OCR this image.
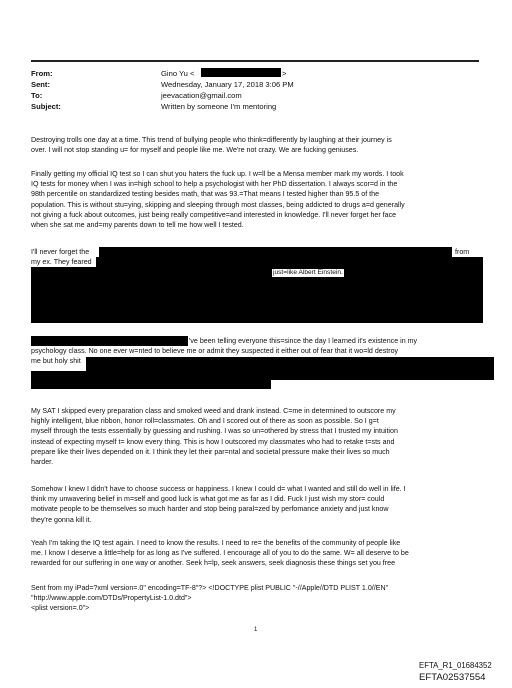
From:	Gino Yu <	>
Sent:	Wednesday, January 17, 2018 3:06 PM
To:	jeevacation@gmail.com
Subject:	Written by someone I'm mentoring
Destroying trolls one day at a time. This trend of bullying people who think=differently by laughing at their journey is
over. I will not stop standing u= for myself and people like me. We're not crazy. We are fucking geniuses.
Finally getting my official IQ test so I can shut you haters the fuck up. I w=ll be a Mensa member mark my words. I took
IQ tests for money when I was in=high school to help a psychologist with her PhD dissertation. I always scor=d in the
98th percentile on standardized testing besides math, that was 93.=That means I tested higher than 95.5 of the
population. This is without stu=ying, skipping and sleeping through most classes, being addicted to drugs a=d generally
not giving a fuck about outcomes, just being really competitive=and interested in knowledge. I'll never forget her face
when she sat me and=my parents down to tell me how well I tested.
I'll never forget the
my ex. They feared
from
just=like Albert Einstein.
've been telling everyone this=since the day I learned it's existence in my
psychology class. No one ever w=nted to believe me or admit they suspected it either out of fear that it wo=ld destroy
me but holy shit
My SAT I skipped every preparation class and smoked weed and drank instead. C=me in determined to outscore my
highly intelligent, blue ribbon, honor roll=classmates. Oh and I scored out of there as soon as possible. So I g=t
myself through the tests essentially by guessing and rushing. I was so un=othered by stress that I trusted my intuition
instead of expecting myself t= know every thing. This is how I outscored my classmates who had to retake t=sts and
prepare like their lives depended on it. I think they let their par=ntal and societal pressure make their lives so much
harder.
Somehow I knew I didn't have to choose success or happiness. I knew I could d= what I wanted and still do well in life. I
think my unwavering belief in m=self and good luck is what got me as far as I did. Fuck I just wish my stor= could
motivate people to be themselves so much harder and stop being paral=zed by perfomance anxiety and just know
they're gonna kill it.
Yeah I'm taking the IQ test again. I need to know the results. I need to re= the benefits of the community of people like
me. I know I deserve a little=help for as long as I've suffered. I encourage all of you to do the same. W= all deserve to be
rewarded for our suffering in one way or another. Seek h=lp, seek answers, seek diagnosis these things set you free
Sent from my iPad=?xml version=.0" encoding=TF-8"?> <!DOCTYPE plist PUBLIC "-//Apple//DTD PLIST 1.0//EN"
"http://www.apple.com/DTDs/PropertyList-1.0.dtd">
<plist version=.0">
1
EFTA_R1_01684352
EFTA02537554
